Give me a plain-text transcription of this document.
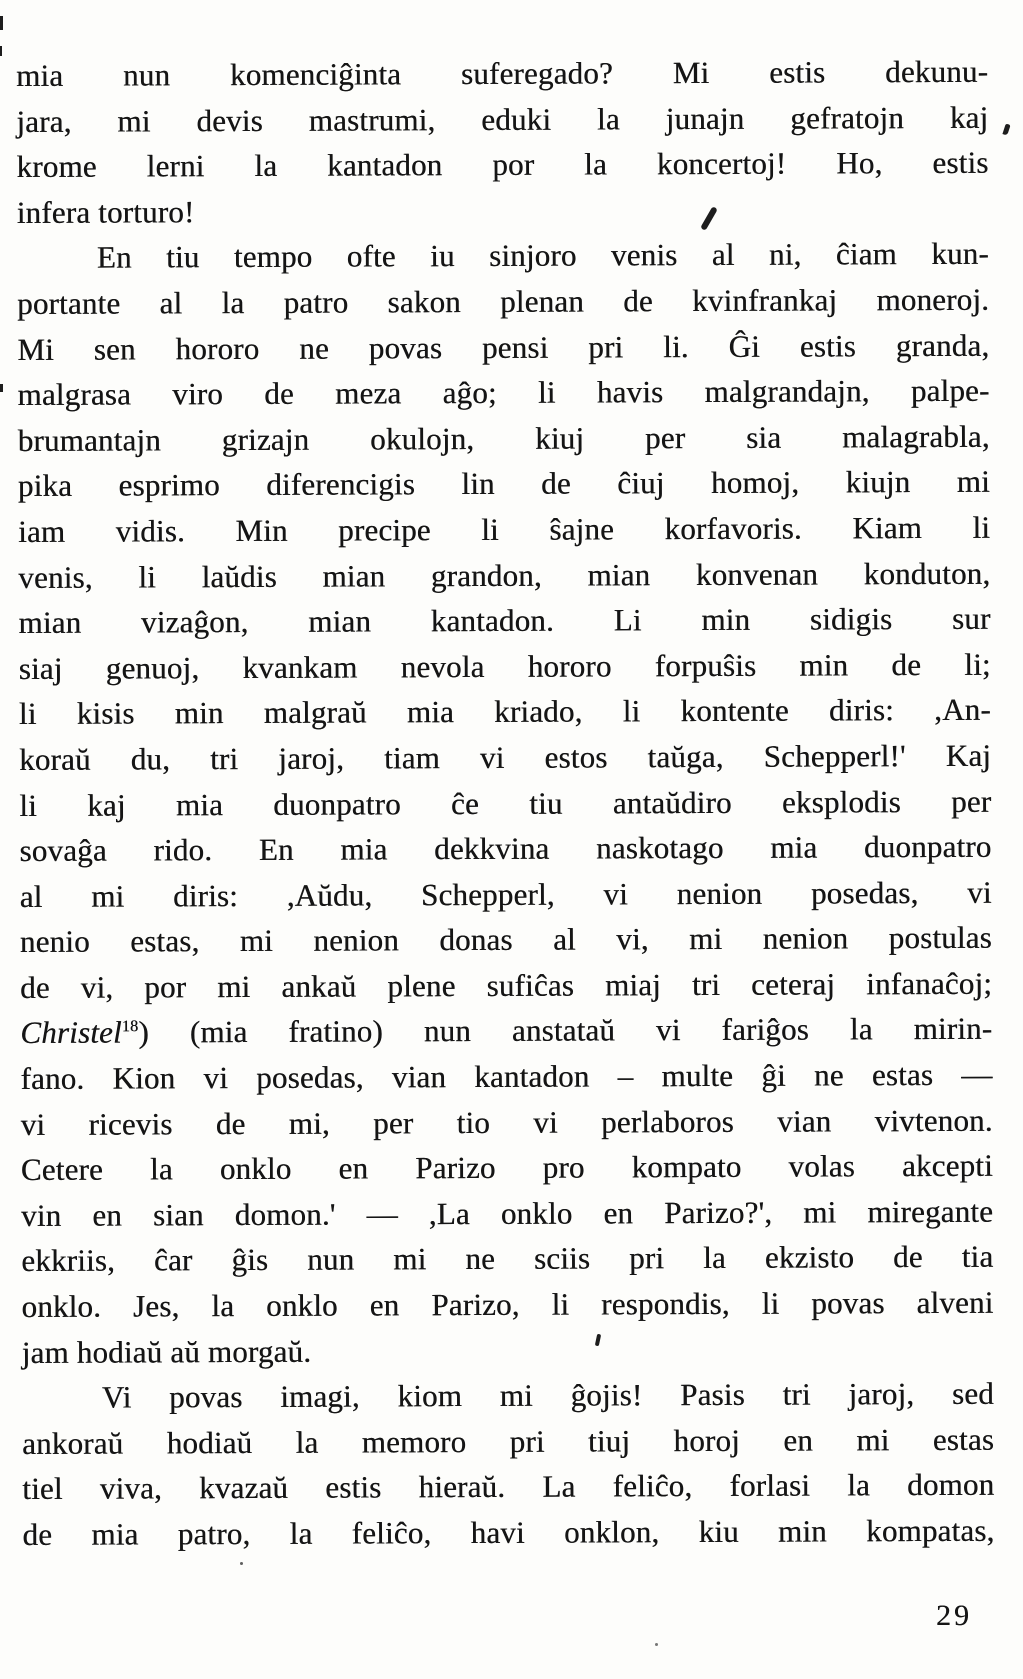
mia nun komenciĝinta suferegado? Mi estis dekunu-
jara, mi devis mastrumi, eduki la junajn gefratojn kaj
krome lerni la kantadon por la koncertoj! Ho, estis
infera torturo!
En tiu tempo ofte iu sinjoro venis al ni, ĉiam kun-
portante al la patro sakon plenan de kvinfrankaj moneroj.
Mi sen hororo ne povas pensi pri li. Ĝi estis granda,
malgrasa viro de meza aĝo; li havis malgrandajn, palpe-
brumantajn grizajn okulojn, kiuj per sia malagrabla,
pika esprimo diferencigis lin de ĉiuj homoj, kiujn mi
iam vidis. Min precipe li ŝajne korfavoris. Kiam li
venis, li laŭdis mian grandon, mian konvenan konduton,
mian vizaĝon, mian kantadon. Li min sidigis sur
siaj genuoj, kvankam nevola hororo forpuŝis min de li;
li kisis min malgraŭ mia kriado, li kontente diris: ,An-
koraŭ du, tri jaroj, tiam vi estos taŭga, Schepperl!' Kaj
li kaj mia duonpatro ĉe tiu antaŭdiro eksplodis per
sovaĝa rido. En mia dekkvina naskotago mia duonpatro
al mi diris: ,Aŭdu, Schepperl, vi nenion posedas, vi
nenio estas, mi nenion donas al vi, mi nenion postulas
de vi, por mi ankaŭ plene sufiĉas miaj tri ceteraj infanaĉoj;
Christel$^{18}$) (mia fratino) nun anstataŭ vi fariĝos la mirin-
fano. Kion vi posedas, vian kantadon – multe ĝi ne estas —
vi ricevis de mi, per tio vi perlaboros vian vivtenon.
Cetere la onklo en Parizo pro kompato volas akcepti
vin en sian domon.' — ,La onklo en Parizo?', mi miregante
ekkriis, ĉar ĝis nun mi ne sciis pri la ekzisto de tia
onklo. Jes, la onklo en Parizo, li respondis, li povas alveni
jam hodiaŭ aŭ morgaŭ.
Vi povas imagi, kiom mi ĝojis! Pasis tri jaroj, sed
ankoraŭ hodiaŭ la memoro pri tiuj horoj en mi estas
tiel viva, kvazaŭ estis hieraŭ. La feliĉo, forlasi la domon
de mia patro, la feliĉo, havi onklon, kiu min kompatas,
29
